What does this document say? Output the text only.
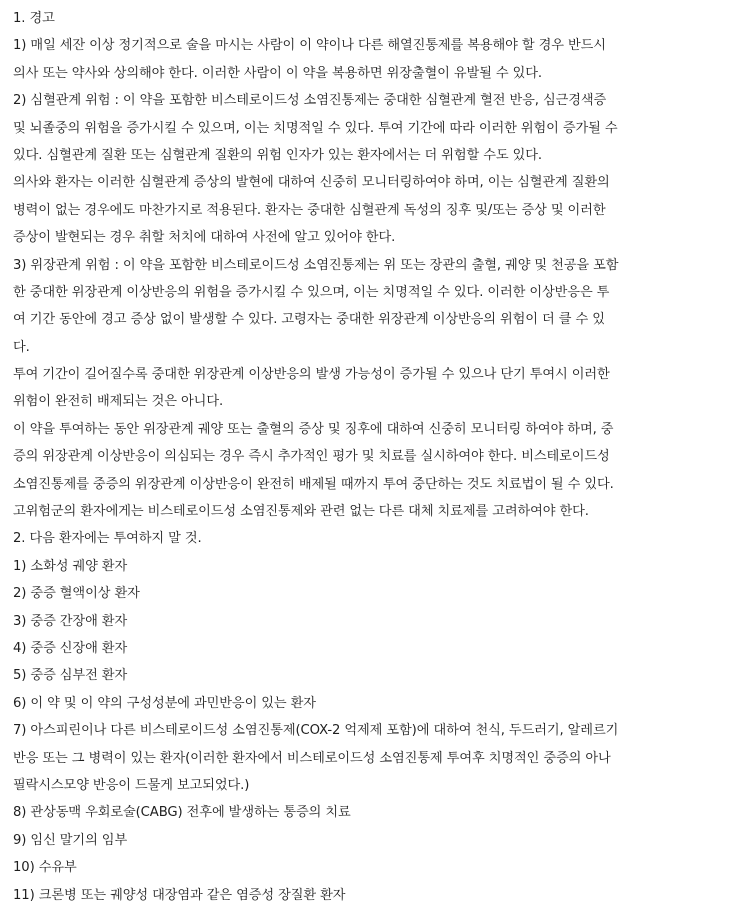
1. 경고
1) 매일 세잔 이상 정기적으로 술을 마시는 사람이 이 약이나 다른 해열진통제를 복용해야 할 경우 반드시
의사 또는 약사와 상의해야 한다. 이러한 사람이 이 약을 복용하면 위장출혈이 유발될 수 있다.
2) 심혈관계 위험 : 이 약을 포함한 비스테로이드성 소염진통제는 중대한 심혈관계 혈전 반응, 심근경색증
및 뇌졸중의 위험을 증가시킬 수 있으며, 이는 치명적일 수 있다. 투여 기간에 따라 이러한 위험이 증가될 수
있다. 심혈관계 질환 또는 심혈관계 질환의 위험 인자가 있는 환자에서는 더 위험할 수도 있다.
의사와 환자는 이러한 심혈관계 증상의 발현에 대하여 신중히 모니터링하여야 하며, 이는 심혈관계 질환의
병력이 없는 경우에도 마찬가지로 적용된다. 환자는 중대한 심혈관계 독성의 징후 및/또는 증상 및 이러한
증상이 발현되는 경우 취할 처치에 대하여 사전에 알고 있어야 한다.
3) 위장관계 위험 : 이 약을 포함한 비스테로이드성 소염진통제는 위 또는 장관의 출혈, 궤양 및 천공을 포함
한 중대한 위장관계 이상반응의 위험을 증가시킬 수 있으며, 이는 치명적일 수 있다. 이러한 이상반응은 투
여 기간 동안에 경고 증상 없이 발생할 수 있다. 고령자는 중대한 위장관계 이상반응의 위험이 더 클 수 있
다.
투여 기간이 길어질수록 중대한 위장관계 이상반응의 발생 가능성이 증가될 수 있으나 단기 투여시 이러한
위험이 완전히 배제되는 것은 아니다.
이 약을 투여하는 동안 위장관계 궤양 또는 출혈의 증상 및 징후에 대하여 신중히 모니터링 하여야 하며, 중
증의 위장관계 이상반응이 의심되는 경우 즉시 추가적인 평가 및 치료를 실시하여야 한다. 비스테로이드성
소염진통제를 중증의 위장관계 이상반응이 완전히 배제될 때까지 투여 중단하는 것도 치료법이 될 수 있다.
고위험군의 환자에게는 비스테로이드성 소염진통제와 관련 없는 다른 대체 치료제를 고려하여야 한다.
2. 다음 환자에는 투여하지 말 것.
1) 소화성 궤양 환자
2) 중증 혈액이상 환자
3) 중증 간장애 환자
4) 중증 신장애 환자
5) 중증 심부전 환자
6) 이 약 및 이 약의 구성성분에 과민반응이 있는 환자
7) 아스피린이나 다른 비스테로이드성 소염진통제(COX-2 억제제 포함)에 대하여 천식, 두드러기, 알레르기
반응 또는 그 병력이 있는 환자(이러한 환자에서 비스테로이드성 소염진통제 투여후 치명적인 중증의 아나
필락시스모양 반응이 드물게 보고되었다.)
8) 관상동맥 우회로술(CABG) 전후에 발생하는 통증의 치료
9) 임신 말기의 임부
10) 수유부
11) 크론병 또는 궤양성 대장염과 같은 염증성 장질환 환자
